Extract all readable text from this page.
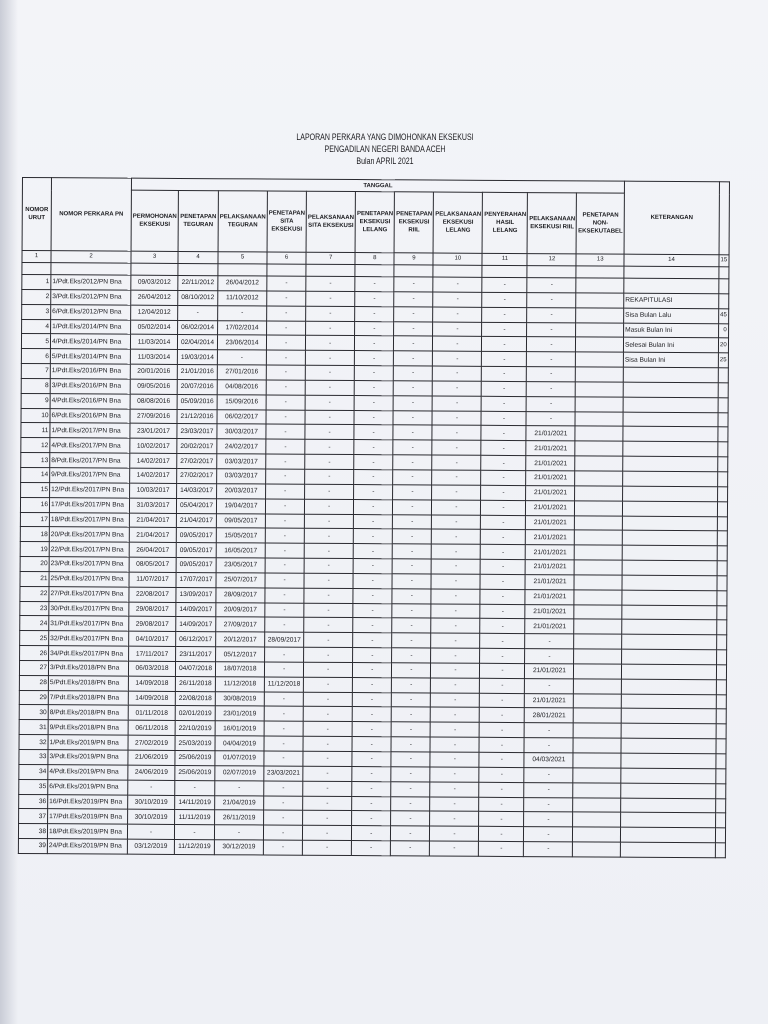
LAPORAN PERKARA YANG DIMOHONKAN EKSEKUSI
PENGADILAN NEGERI BANDA ACEH
Bulan APRIL 2021
NOMOR URUT	NOMOR PERKARA PN	TANGGAL											KETERANGAN	
		PERMOHONAN EKSEKUSI	PENETAPAN TEGURAN	PELAKSANAAN TEGURAN	PENETAPAN SITA EKSEKUSI	PELAKSANAAN SITA EKSEKUSI	PENETAPAN EKSEKUSI LELANG	PENETAPAN EKSEKUSI RIIL	PELAKSANAAN EKSEKUSI LELANG	PENYERAHAN HASIL LELANG	PELAKSANAAN EKSEKUSI RIIL	PENETAPAN NON-EKSEKUTABEL		
1	2	3	4	5	6	7	8	9	10	11	12	13	14	15

1	1/Pdt.Eks/2012/PN Bna	09/03/2012	22/11/2012	26/04/2012	-	-	-	-	-	-	-			
2	3/Pdt.Eks/2012/PN Bna	26/04/2012	08/10/2012	11/10/2012	-	-	-	-	-	-	-		REKAPITULASI	
3	6/Pdt.Eks/2012/PN Bna	12/04/2012	-	-	-	-	-	-	-	-	-		Sisa Bulan Lalu	45
4	1/Pdt.Eks/2014/PN Bna	05/02/2014	06/02/2014	17/02/2014	-	-	-	-	-	-	-		Masuk Bulan Ini	0
5	4/Pdt.Eks/2014/PN Bna	11/03/2014	02/04/2014	23/06/2014	-	-	-	-	-	-	-		Selesai Bulan Ini	20
6	5/Pdt.Eks/2014/PN Bna	11/03/2014	19/03/2014	-	-	-	-	-	-	-	-		Sisa Bulan Ini	25
7	1/Pdt.Eks/2016/PN Bna	20/01/2016	21/01/2016	27/01/2016	-	-	-	-	-	-	-			
8	3/Pdt.Eks/2016/PN Bna	09/05/2016	20/07/2016	04/08/2016	-	-	-	-	-	-	-			
9	4/Pdt.Eks/2016/PN Bna	08/08/2016	05/09/2016	15/09/2016	-	-	-	-	-	-	-			
10	6/Pdt.Eks/2016/PN Bna	27/09/2016	21/12/2016	06/02/2017	-	-	-	-	-	-	-			
11	1/Pdt.Eks/2017/PN Bna	23/01/2017	23/03/2017	30/03/2017	-	-	-	-	-	-	21/01/2021			
12	4/Pdt.Eks/2017/PN Bna	10/02/2017	20/02/2017	24/02/2017	-	-	-	-	-	-	21/01/2021			
13	8/Pdt.Eks/2017/PN Bna	14/02/2017	27/02/2017	03/03/2017	-	-	-	-	-	-	21/01/2021			
14	9/Pdt.Eks/2017/PN Bna	14/02/2017	27/02/2017	03/03/2017	-	-	-	-	-	-	21/01/2021			
15	12/Pdt.Eks/2017/PN Bna	10/03/2017	14/03/2017	20/03/2017	-	-	-	-	-	-	21/01/2021			
16	17/Pdt.Eks/2017/PN Bna	31/03/2017	05/04/2017	19/04/2017	-	-	-	-	-	-	21/01/2021			
17	18/Pdt.Eks/2017/PN Bna	21/04/2017	21/04/2017	09/05/2017	-	-	-	-	-	-	21/01/2021			
18	20/Pdt.Eks/2017/PN Bna	21/04/2017	09/05/2017	15/05/2017	-	-	-	-	-	-	21/01/2021			
19	22/Pdt.Eks/2017/PN Bna	26/04/2017	09/05/2017	16/05/2017	-	-	-	-	-	-	21/01/2021			
20	23/Pdt.Eks/2017/PN Bna	08/05/2017	09/05/2017	23/05/2017	-	-	-	-	-	-	21/01/2021			
21	25/Pdt.Eks/2017/PN Bna	11/07/2017	17/07/2017	25/07/2017	-	-	-	-	-	-	21/01/2021			
22	27/Pdt.Eks/2017/PN Bna	22/08/2017	13/09/2017	28/09/2017	-	-	-	-	-	-	21/01/2021			
23	30/Pdt.Eks/2017/PN Bna	29/08/2017	14/09/2017	20/09/2017	-	-	-	-	-	-	21/01/2021			
24	31/Pdt.Eks/2017/PN Bna	29/08/2017	14/09/2017	27/09/2017	-	-	-	-	-	-	21/01/2021			
25	32/Pdt.Eks/2017/PN Bna	04/10/2017	06/12/2017	20/12/2017	28/09/2017	-	-	-	-	-	-			
26	34/Pdt.Eks/2017/PN Bna	17/11/2017	23/11/2017	05/12/2017	-	-	-	-	-	-	-			
27	3/Pdt.Eks/2018/PN Bna	06/03/2018	04/07/2018	18/07/2018	-	-	-	-	-	-	21/01/2021			
28	5/Pdt.Eks/2018/PN Bna	14/09/2018	26/11/2018	11/12/2018	11/12/2018	-	-	-	-	-	-			
29	7/Pdt.Eks/2018/PN Bna	14/09/2018	22/08/2018	30/08/2019	-	-	-	-	-	-	21/01/2021			
30	8/Pdt.Eks/2018/PN Bna	01/11/2018	02/01/2019	23/01/2019	-	-	-	-	-	-	28/01/2021			
31	9/Pdt.Eks/2018/PN Bna	06/11/2018	22/10/2019	16/01/2019	-	-	-	-	-	-	-			
32	1/Pdt.Eks/2019/PN Bna	27/02/2019	25/03/2019	04/04/2019	-	-	-	-	-	-	-			
33	3/Pdt.Eks/2019/PN Bna	21/06/2019	25/06/2019	01/07/2019	-	-	-	-	-	-	04/03/2021			
34	4/Pdt.Eks/2019/PN Bna	24/06/2019	25/06/2019	02/07/2019	23/03/2021	-	-	-	-	-	-			
35	6/Pdt.Eks/2019/PN Bna	-	-	-	-	-	-	-	-	-	-			
36	16/Pdt.Eks/2019/PN Bna	30/10/2019	14/11/2019	21/04/2019	-	-	-	-	-	-	-			
37	17/Pdt.Eks/2019/PN Bna	30/10/2019	11/11/2019	26/11/2019	-	-	-	-	-	-	-			
38	18/Pdt.Eks/2019/PN Bna	-	-	-	-	-	-	-	-	-	-			
39	24/Pdt.Eks/2019/PN Bna	03/12/2019	11/12/2019	30/12/2019	-	-	-	-	-	-	-			
